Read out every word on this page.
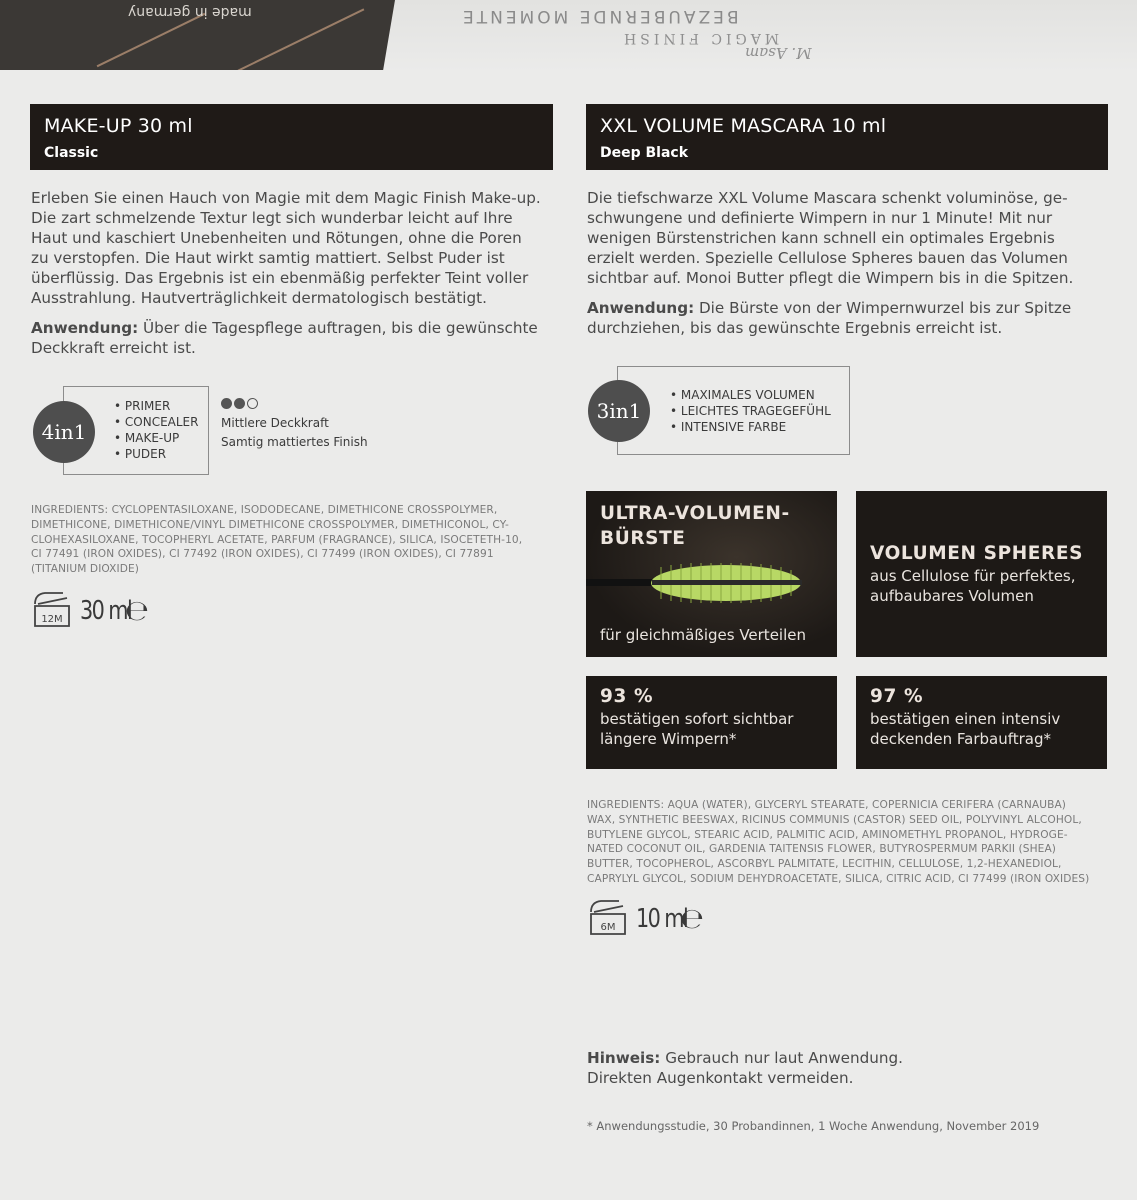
made in germany	BEZAUBERNDE MOMENTE
MAGIC FINISH
M. Asam
MAKE-UP 30 ml
Classic
Erleben Sie einen Hauch von Magie mit dem Magic Finish Make-up.
Die zart schmelzende Textur legt sich wunderbar leicht auf Ihre
Haut und kaschiert Unebenheiten und Rötungen, ohne die Poren
zu verstopfen. Die Haut wirkt samtig mattiert. Selbst Puder ist
überflüssig. Das Ergebnis ist ein ebenmäßig perfekter Teint voller
Ausstrahlung. Hautverträglichkeit dermatologisch bestätigt.
Anwendung: Über die Tagespflege auftragen, bis die gewünschte
Deckkraft erreicht ist.
4in1
• PRIMER
• CONCEALER
• MAKE-UP
• PUDER
Mittlere Deckkraft
Samtig mattiertes Finish
INGREDIENTS: CYCLOPENTASILOXANE, ISODODECANE, DIMETHICONE CROSSPOLYMER,
DIMETHICONE, DIMETHICONE/VINYL DIMETHICONE CROSSPOLYMER, DIMETHICONOL, CY-
CLOHEXASILOXANE, TOCOPHERYL ACETATE, PARFUM (FRAGRANCE), SILICA, ISOCETETH-10,
CI 77491 (IRON OXIDES), CI 77492 (IRON OXIDES), CI 77499 (IRON OXIDES), CI 77891
(TITANIUM DIOXIDE)
12M 30 ml
℮
XXL VOLUME MASCARA 10 ml
Deep Black
Die tiefschwarze XXL Volume Mascara schenkt voluminöse, ge-
schwungene und definierte Wimpern in nur 1 Minute! Mit nur
wenigen Bürstenstrichen kann schnell ein optimales Ergebnis
erzielt werden. Spezielle Cellulose Spheres bauen das Volumen
sichtbar auf. Monoi Butter pflegt die Wimpern bis in die Spitzen.
Anwendung: Die Bürste von der Wimpernwurzel bis zur Spitze
durchziehen, bis das gewünschte Ergebnis erreicht ist.
3in1
• MAXIMALES VOLUMEN
• LEICHTES TRAGEGEFÜHL
• INTENSIVE FARBE
ULTRA-VOLUMEN-
BÜRSTE
für gleichmäßiges Verteilen
VOLUMEN SPHERES
aus Cellulose für perfektes,
aufbaubares Volumen
93 %
bestätigen sofort sichtbar
längere Wimpern*
97 %
bestätigen einen intensiv
deckenden Farbauftrag*
INGREDIENTS: AQUA (WATER), GLYCERYL STEARATE, COPERNICIA CERIFERA (CARNAUBA)
WAX, SYNTHETIC BEESWAX, RICINUS COMMUNIS (CASTOR) SEED OIL, POLYVINYL ALCOHOL,
BUTYLENE GLYCOL, STEARIC ACID, PALMITIC ACID, AMINOMETHYL PROPANOL, HYDROGE-
NATED COCONUT OIL, GARDENIA TAITENSIS FLOWER, BUTYROSPERMUM PARKII (SHEA)
BUTTER, TOCOPHEROL, ASCORBYL PALMITATE, LECITHIN, CELLULOSE, 1,2-HEXANEDIOL,
CAPRYLYL GLYCOL, SODIUM DEHYDROACETATE, SILICA, CITRIC ACID, CI 77499 (IRON OXIDES)
6M 10 ml
℮
Hinweis: Gebrauch nur laut Anwendung.
Direkten Augenkontakt vermeiden.
* Anwendungsstudie, 30 Probandinnen, 1 Woche Anwendung, November 2019
